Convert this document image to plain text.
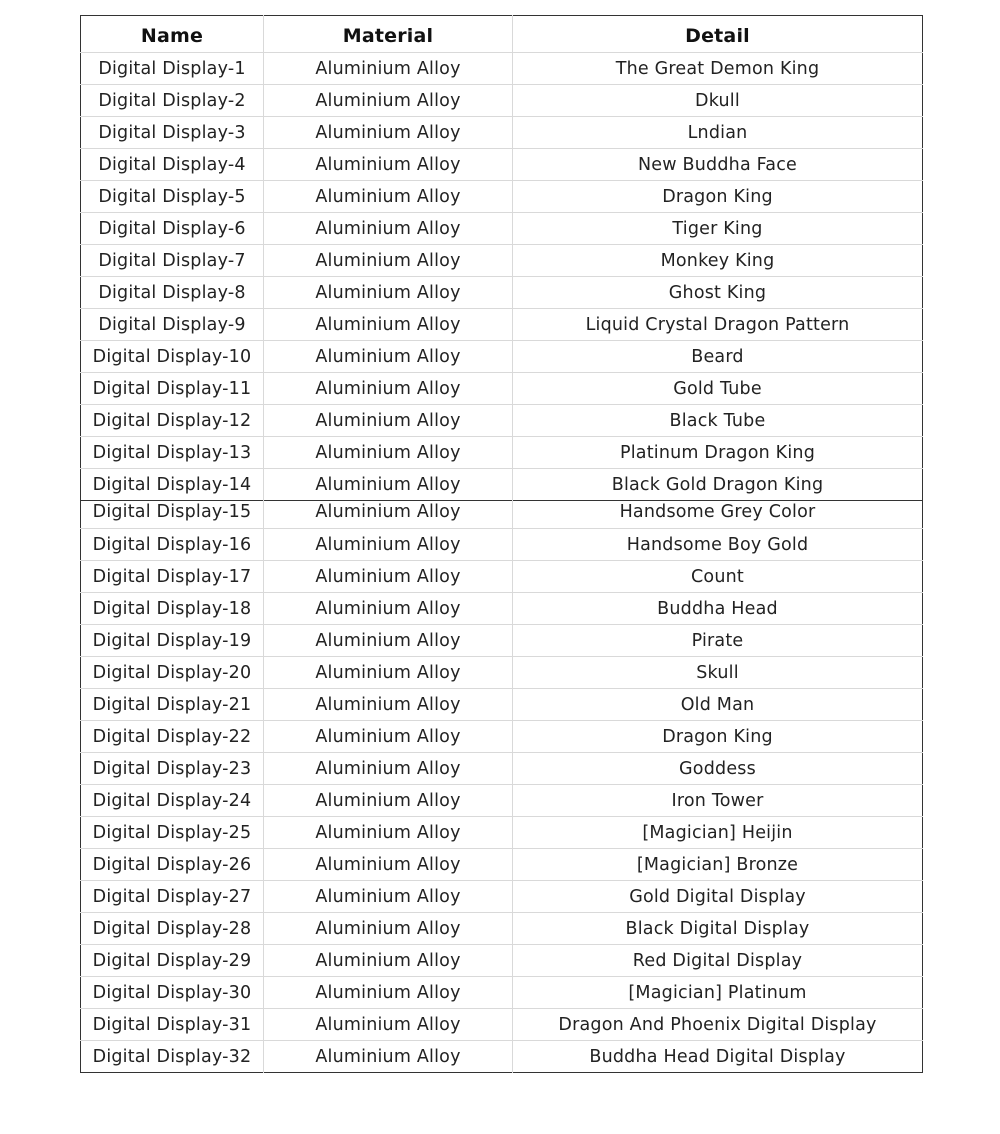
Name	Material	Detail
Digital Display-1	Aluminium Alloy	The Great Demon King
Digital Display-2	Aluminium Alloy	Dkull
Digital Display-3	Aluminium Alloy	Lndian
Digital Display-4	Aluminium Alloy	New Buddha Face
Digital Display-5	Aluminium Alloy	Dragon King
Digital Display-6	Aluminium Alloy	Tiger King
Digital Display-7	Aluminium Alloy	Monkey King
Digital Display-8	Aluminium Alloy	Ghost King
Digital Display-9	Aluminium Alloy	Liquid Crystal Dragon Pattern
Digital Display-10	Aluminium Alloy	Beard
Digital Display-11	Aluminium Alloy	Gold Tube
Digital Display-12	Aluminium Alloy	Black Tube
Digital Display-13	Aluminium Alloy	Platinum Dragon King
Digital Display-14	Aluminium Alloy	Black Gold Dragon King
Digital Display-15	Aluminium Alloy	Handsome Grey Color
Digital Display-16	Aluminium Alloy	Handsome Boy Gold
Digital Display-17	Aluminium Alloy	Count
Digital Display-18	Aluminium Alloy	Buddha Head
Digital Display-19	Aluminium Alloy	Pirate
Digital Display-20	Aluminium Alloy	Skull
Digital Display-21	Aluminium Alloy	Old Man
Digital Display-22	Aluminium Alloy	Dragon King
Digital Display-23	Aluminium Alloy	Goddess
Digital Display-24	Aluminium Alloy	Iron Tower
Digital Display-25	Aluminium Alloy	[Magician] Heijin
Digital Display-26	Aluminium Alloy	[Magician] Bronze
Digital Display-27	Aluminium Alloy	Gold Digital Display
Digital Display-28	Aluminium Alloy	Black Digital Display
Digital Display-29	Aluminium Alloy	Red Digital Display
Digital Display-30	Aluminium Alloy	[Magician] Platinum
Digital Display-31	Aluminium Alloy	Dragon And Phoenix Digital Display
Digital Display-32	Aluminium Alloy	Buddha Head Digital Display
